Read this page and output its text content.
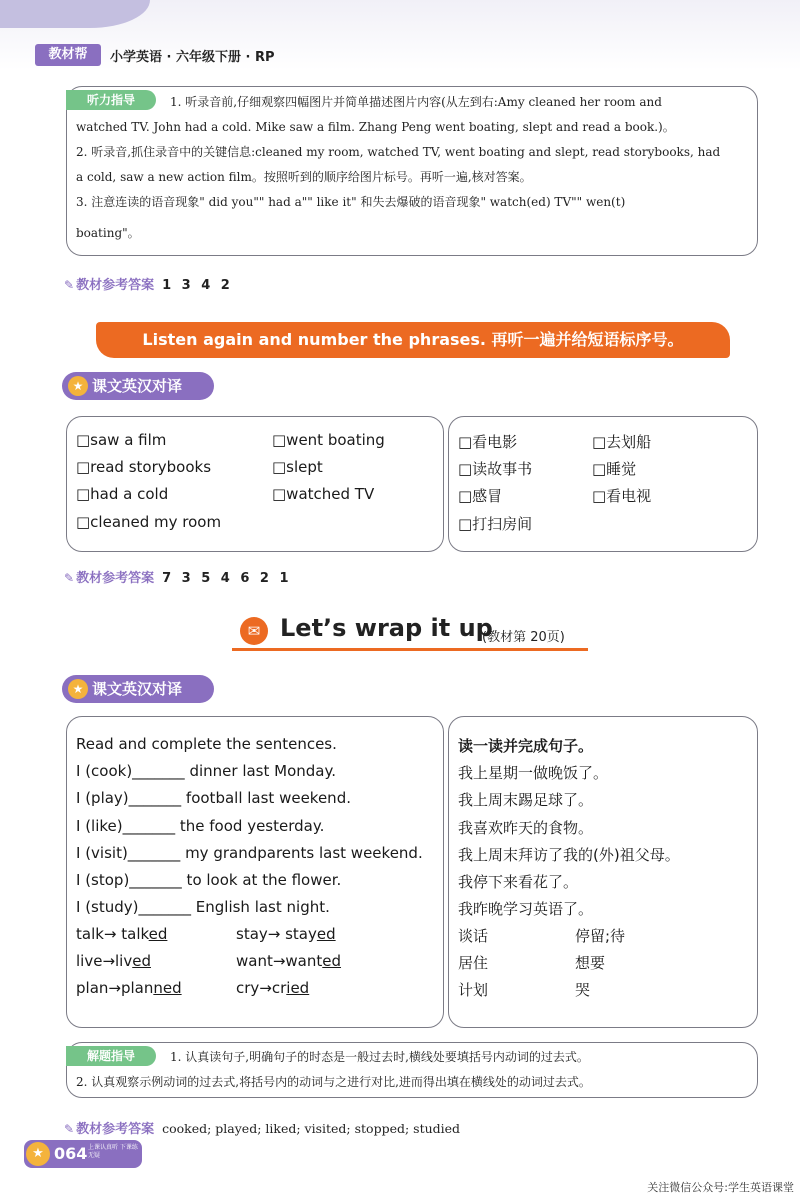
教材帮	小学英语 · 六年级下册 · RP
听力指导	1. 听录音前,仔细观察四幅图片并简单描述图片内容(从左到右:Amy cleaned her room and
watched TV. John had a cold. Mike saw a film. Zhang Peng went boating, slept and read a book.)。
2. 听录音,抓住录音中的关键信息:cleaned my room, watched TV, went boating and slept, read storybooks, had
a cold, saw a new action film。按照听到的顺序给图片标号。再听一遍,核对答案。
3. 注意连读的语音现象" did you"" had a"" like it" 和失去爆破的语音现象" watch(ed) TV"" wen(t)
boating"。
✎ 教材参考答案 1 3 4 2
Listen again and number the phrases. 再听一遍并给短语标序号。
★ 课文英汉对译
□saw a film	□went boating
□read storybooks	□slept
□had a cold	□watched TV
□cleaned my room
□看电影	□去划船
□读故事书	□睡觉
□感冒	□看电视
□打扫房间
✎ 教材参考答案 7 3 5 4 6 2 1
✉ Let’s wrap it up
(教材第 20页)
★ 课文英汉对译
Read and complete the sentences.
I (cook)_______ dinner last Monday.
I (play)_______ football last weekend.
I (like)_______ the food yesterday.
I (visit)_______ my grandparents last weekend.
I (stop)_______ to look at the flower.
I (study)_______ English last night.
talk→ talked	stay→ stayed
live→lived	want→wanted
plan→planned	cry→cried
读一读并完成句子。
我上星期一做晚饭了。
我上周末踢足球了。
我喜欢昨天的食物。
我上周末拜访了我的(外)祖父母。
我停下来看花了。
我昨晚学习英语了。
谈话	停留;待
居住	想要
计划	哭
解题指导	1. 认真读句子,明确句子的时态是一般过去时,横线处要填括号内动词的过去式。
2. 认真观察示例动词的过去式,将括号内的动词与之进行对比,进而得出填在横线处的动词过去式。
✎ 教材参考答案 cooked; played; liked; visited; stopped; studied
★ 064 上课认真听 下课练无疑
关注微信公众号:学生英语课堂
